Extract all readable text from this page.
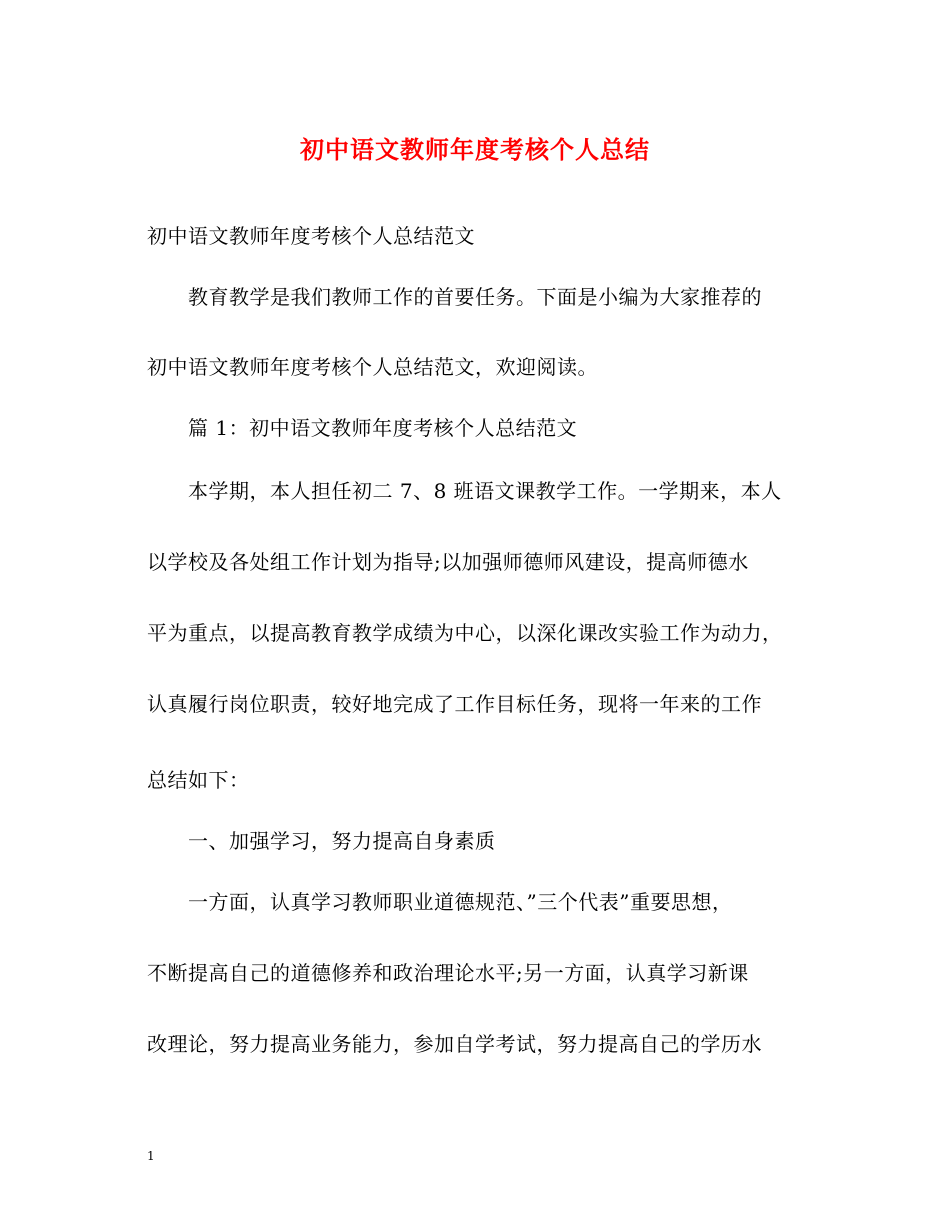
初中语文教师年度考核个人总结
初中语文教师年度考核个人总结范文
教育教学是我们教师工作的首要任务。下面是小编为大家推荐的
初中语文教师年度考核个人总结范文，欢迎阅读。
篇 1：初中语文教师年度考核个人总结范文
本学期，本人担任初二 7、8 班语文课教学工作。一学期来，本人
以学校及各处组工作计划为指导;以加强师德师风建设，提高师德水
平为重点，以提高教育教学成绩为中心，以深化课改实验工作为动力，
认真履行岗位职责，较好地完成了工作目标任务，现将一年来的工作
总结如下：
一、加强学习，努力提高自身素质
一方面，认真学习教师职业道德规范、”三个代表”重要思想，
不断提高自己的道德修养和政治理论水平;另一方面，认真学习新课
改理论，努力提高业务能力，参加自学考试，努力提高自己的学历水
1
